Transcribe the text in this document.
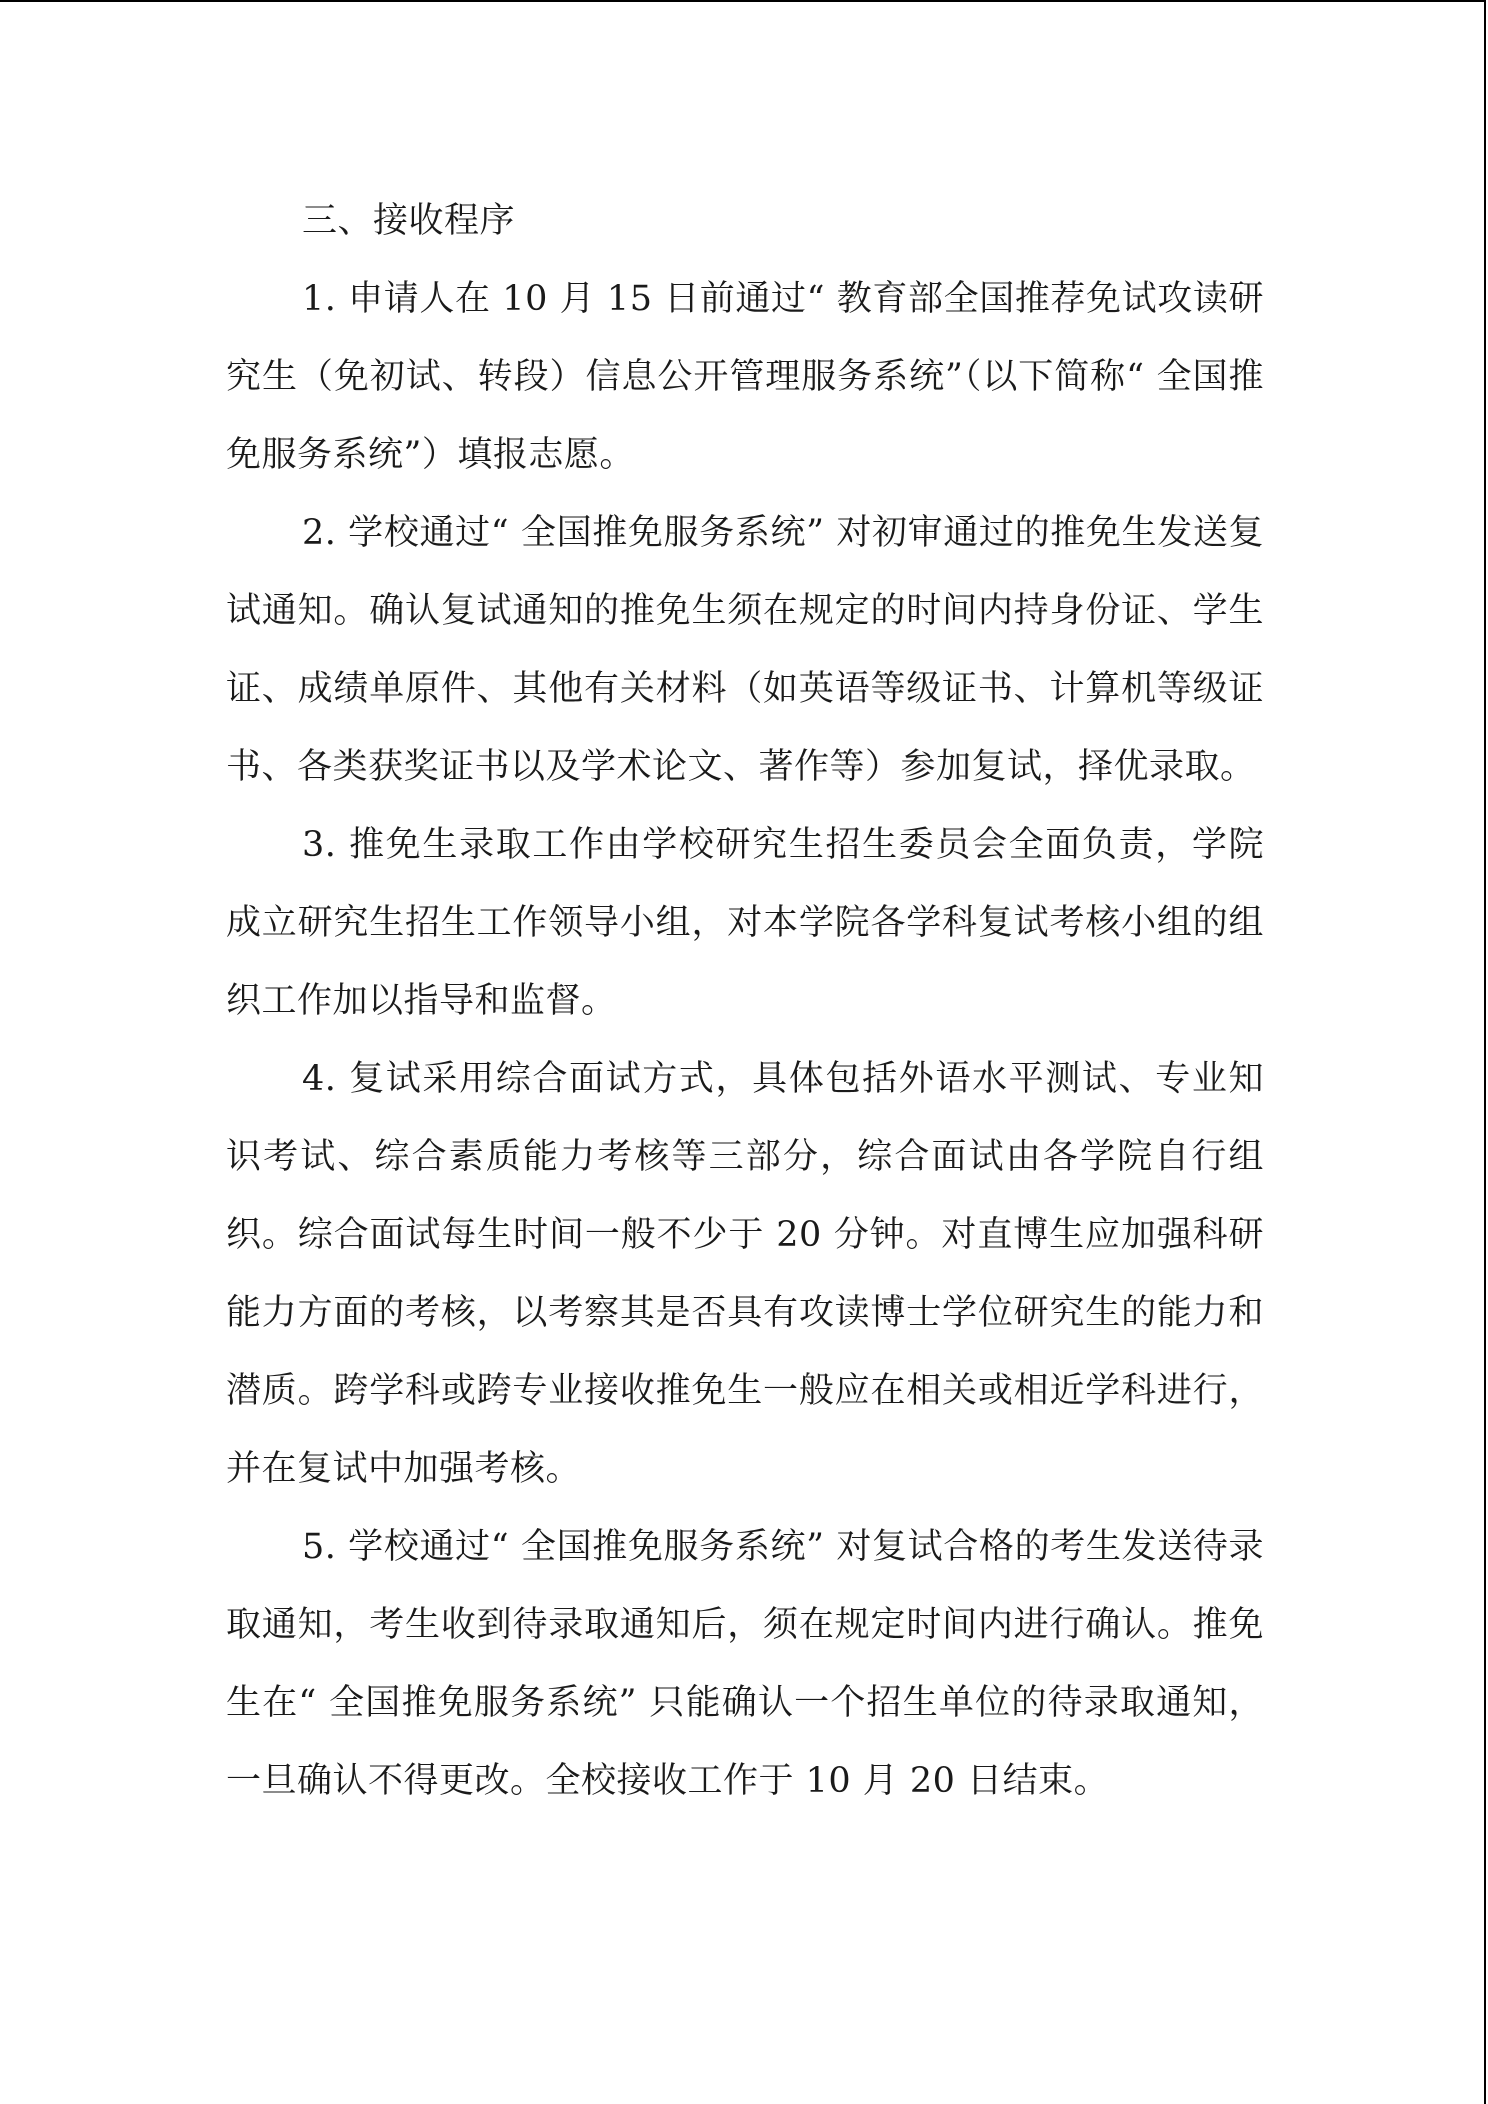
三、接收程序

1. 申请人在 10 月 15 日前通过“ 教育部全国推荐免试攻读研究生（免初试、转段）信息公开管理服务系统”（以下简称“ 全国推免服务系统”）填报志愿。

2. 学校通过“ 全国推免服务系统” 对初审通过的推免生发送复试通知。确认复试通知的推免生须在规定的时间内持身份证、学生证、成绩单原件、其他有关材料（如英语等级证书、计算机等级证书、各类获奖证书以及学术论文、著作等）参加复试，择优录取。

3. 推免生录取工作由学校研究生招生委员会全面负责，学院成立研究生招生工作领导小组，对本学院各学科复试考核小组的组织工作加以指导和监督。

4. 复试采用综合面试方式，具体包括外语水平测试、专业知识考试、综合素质能力考核等三部分，综合面试由各学院自行组织。综合面试每生时间一般不少于 20 分钟。对直博生应加强科研能力方面的考核，以考察其是否具有攻读博士学位研究生的能力和潜质。跨学科或跨专业接收推免生一般应在相关或相近学科进行，并在复试中加强考核。

5. 学校通过“ 全国推免服务系统” 对复试合格的考生发送待录取通知，考生收到待录取通知后，须在规定时间内进行确认。推免生在“ 全国推免服务系统” 只能确认一个招生单位的待录取通知，一旦确认不得更改。全校接收工作于 10 月 20 日结束。
